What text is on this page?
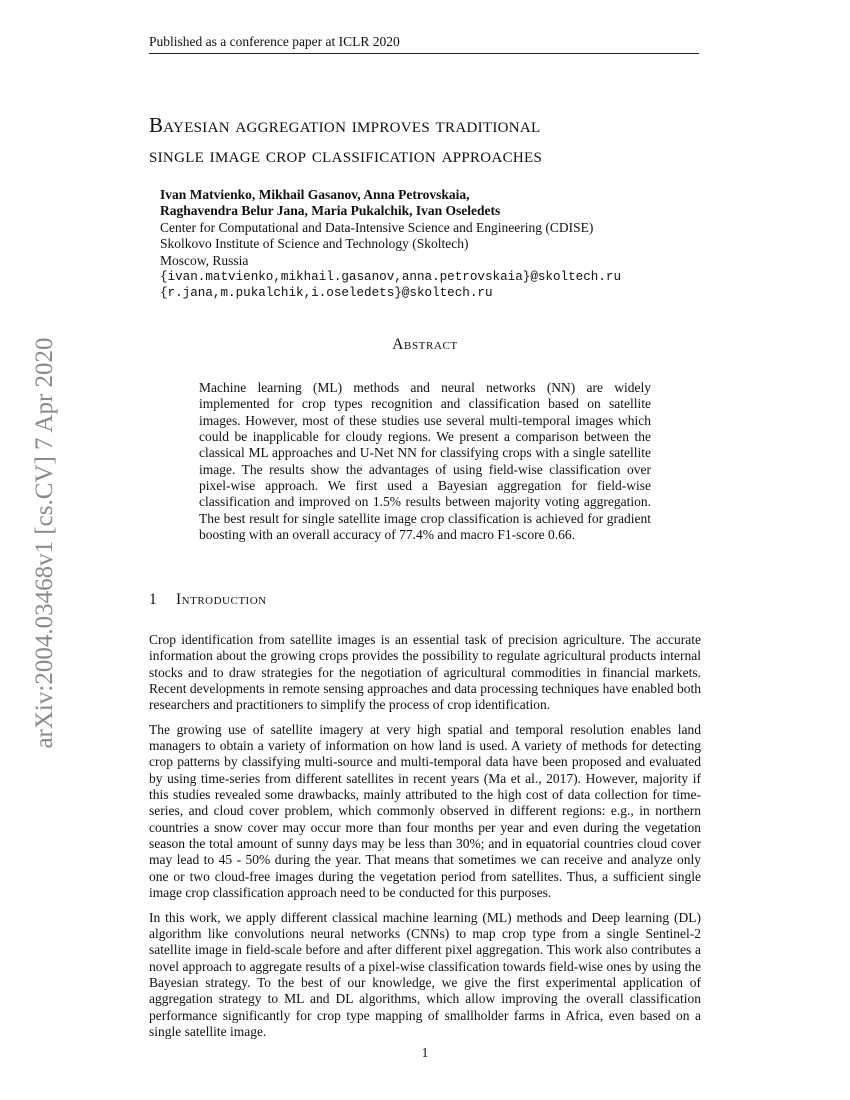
Published as a conference paper at ICLR 2020
arXiv:2004.03468v1 [cs.CV] 7 Apr 2020
Bayesian aggregation improves traditional
single image crop classification approaches
Ivan Matvienko, Mikhail Gasanov, Anna Petrovskaia,
Raghavendra Belur Jana, Maria Pukalchik, Ivan Oseledets
Center for Computational and Data-Intensive Science and Engineering (CDISE)
Skolkovo Institute of Science and Technology (Skoltech)
Moscow, Russia
{ivan.matvienko,mikhail.gasanov,anna.petrovskaia}@skoltech.ru
{r.jana,m.pukalchik,i.oseledets}@skoltech.ru
Abstract
Machine learning (ML) methods and neural networks (NN) are widely implemented for crop types recognition and classification based on satellite images. However, most of these studies use several multi-temporal images which could be inapplicable for cloudy regions. We present a comparison between the classical ML approaches and U-Net NN for classifying crops with a single satellite image. The results show the advantages of using field-wise classification over pixel-wise approach. We first used a Bayesian aggregation for field-wise classification and improved on 1.5% results between majority voting aggregation. The best result for single satellite image crop classification is achieved for gradient boosting with an overall accuracy of 77.4% and macro F1-score 0.66.
1 Introduction

Crop identification from satellite images is an essential task of precision agriculture. The accurate information about the growing crops provides the possibility to regulate agricultural products internal stocks and to draw strategies for the negotiation of agricultural commodities in financial markets. Recent developments in remote sensing approaches and data processing techniques have enabled both researchers and practitioners to simplify the process of crop identification.

The growing use of satellite imagery at very high spatial and temporal resolution enables land managers to obtain a variety of information on how land is used. A variety of methods for detecting crop patterns by classifying multi-source and multi-temporal data have been proposed and evaluated by using time-series from different satellites in recent years (Ma et al., 2017). However, majority if this studies revealed some drawbacks, mainly attributed to the high cost of data collection for time-series, and cloud cover problem, which commonly observed in different regions: e.g., in northern countries a snow cover may occur more than four months per year and even during the vegetation season the total amount of sunny days may be less than 30%; and in equatorial countries cloud cover may lead to 45 - 50% during the year. That means that sometimes we can receive and analyze only one or two cloud-free images during the vegetation period from satellites. Thus, a sufficient single image crop classification approach need to be conducted for this purposes.

In this work, we apply different classical machine learning (ML) methods and Deep learning (DL) algorithm like convolutions neural networks (CNNs) to map crop type from a single Sentinel-2 satellite image in field-scale before and after different pixel aggregation. This work also contributes a novel approach to aggregate results of a pixel-wise classification towards field-wise ones by using the Bayesian strategy. To the best of our knowledge, we give the first experimental application of aggregation strategy to ML and DL algorithms, which allow improving the overall classification performance significantly for crop type mapping of smallholder farms in Africa, even based on a single satellite image.

1
